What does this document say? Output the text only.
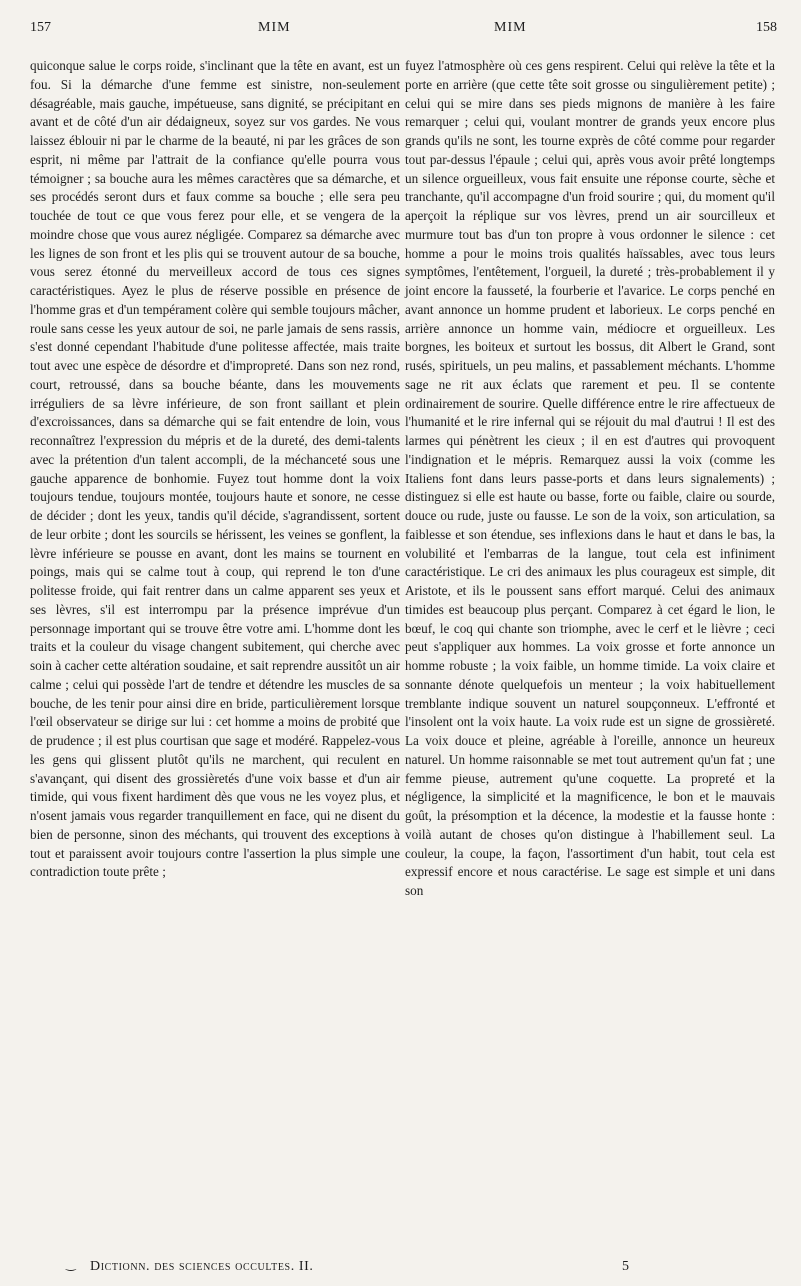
157	MIM	MIM	158

quiconque salue le corps roide, s'inclinant que la tête en avant, est un fou. Si la démarche d'une femme est sinistre, non-seulement désagréable, mais gauche, impétueuse, sans dignité, se précipitant en avant et de côté d'un air dédaigneux, soyez sur vos gardes. Ne vous laissez éblouir ni par le charme de la beauté, ni par les grâces de son esprit, ni même par l'attrait de la confiance qu'elle pourra vous témoigner ; sa bouche aura les mêmes caractères que sa démarche, et ses procédés seront durs et faux comme sa bouche ; elle sera peu touchée de tout ce que vous ferez pour elle, et se vengera de la moindre chose que vous aurez négligée. Comparez sa démarche avec les lignes de son front et les plis qui se trouvent autour de sa bouche, vous serez étonné du merveilleux accord de tous ces signes caractéristiques. Ayez le plus de réserve possible en présence de l'homme gras et d'un tempérament colère qui semble toujours mâcher, roule sans cesse les yeux autour de soi, ne parle jamais de sens rassis, s'est donné cependant l'habitude d'une politesse affectée, mais traite tout avec une espèce de désordre et d'impropreté. Dans son nez rond, court, retroussé, dans sa bouche béante, dans les mouvements irréguliers de sa lèvre inférieure, de son front saillant et plein d'excroissances, dans sa démarche qui se fait entendre de loin, vous reconnaîtrez l'expression du mépris et de la dureté, des demi-talents avec la prétention d'un talent accompli, de la méchanceté sous une gauche apparence de bonhomie. Fuyez tout homme dont la voix toujours tendue, toujours montée, toujours haute et sonore, ne cesse de décider ; dont les yeux, tandis qu'il décide, s'agrandissent, sortent de leur orbite ; dont les sourcils se hérissent, les veines se gonflent, la lèvre inférieure se pousse en avant, dont les mains se tournent en poings, mais qui se calme tout à coup, qui reprend le ton d'une politesse froide, qui fait rentrer dans un calme apparent ses yeux et ses lèvres, s'il est interrompu par la présence imprévue d'un personnage important qui se trouve être votre ami. L'homme dont les traits et la couleur du visage changent subitement, qui cherche avec soin à cacher cette altération soudaine, et sait reprendre aussitôt un air calme ; celui qui possède l'art de tendre et détendre les muscles de sa bouche, de les tenir pour ainsi dire en bride, particulièrement lorsque l'œil observateur se dirige sur lui : cet homme a moins de probité que de prudence ; il est plus courtisan que sage et modéré. Rappelez-vous les gens qui glissent plutôt qu'ils ne marchent, qui reculent en s'avançant, qui disent des grossièretés d'une voix basse et d'un air timide, qui vous fixent hardiment dès que vous ne les voyez plus, et n'osent jamais vous regarder tranquillement en face, qui ne disent du bien de personne, sinon des méchants, qui trouvent des exceptions à tout et paraissent avoir toujours contre l'assertion la plus simple une contradiction toute prête ;

fuyez l'atmosphère où ces gens respirent. Celui qui relève la tête et la porte en arrière (que cette tête soit grosse ou singulièrement petite) ; celui qui se mire dans ses pieds mignons de manière à les faire remarquer ; celui qui, voulant montrer de grands yeux encore plus grands qu'ils ne sont, les tourne exprès de côté comme pour regarder tout par-dessus l'épaule ; celui qui, après vous avoir prêté longtemps un silence orgueilleux, vous fait ensuite une réponse courte, sèche et tranchante, qu'il accompagne d'un froid sourire ; qui, du moment qu'il aperçoit la réplique sur vos lèvres, prend un air sourcilleux et murmure tout bas d'un ton propre à vous ordonner le silence : cet homme a pour le moins trois qualités haïssables, avec tous leurs symptômes, l'entêtement, l'orgueil, la dureté ; très-probablement il y joint encore la fausseté, la fourberie et l'avarice. Le corps penché en avant annonce un homme prudent et laborieux. Le corps penché en arrière annonce un homme vain, médiocre et orgueilleux. Les borgnes, les boiteux et surtout les bossus, dit Albert le Grand, sont rusés, spirituels, un peu malins, et passablement méchants. L'homme sage ne rit aux éclats que rarement et peu. Il se contente ordinairement de sourire. Quelle différence entre le rire affectueux de l'humanité et le rire infernal qui se réjouit du mal d'autrui ! Il est des larmes qui pénètrent les cieux ; il en est d'autres qui provoquent l'indignation et le mépris. Remarquez aussi la voix (comme les Italiens font dans leurs passe-ports et dans leurs signalements) ; distinguez si elle est haute ou basse, forte ou faible, claire ou sourde, douce ou rude, juste ou fausse. Le son de la voix, son articulation, sa faiblesse et son étendue, ses inflexions dans le haut et dans le bas, la volubilité et l'embarras de la langue, tout cela est infiniment caractéristique. Le cri des animaux les plus courageux est simple, dit Aristote, et ils le poussent sans effort marqué. Celui des animaux timides est beaucoup plus perçant. Comparez à cet égard le lion, le bœuf, le coq qui chante son triomphe, avec le cerf et le lièvre ; ceci peut s'appliquer aux hommes. La voix grosse et forte annonce un homme robuste ; la voix faible, un homme timide. La voix claire et sonnante dénote quelquefois un menteur ; la voix habituellement tremblante indique souvent un naturel soupçonneux. L'effronté et l'insolent ont la voix haute. La voix rude est un signe de grossièreté. La voix douce et pleine, agréable à l'oreille, annonce un heureux naturel. Un homme raisonnable se met tout autrement qu'un fat ; une femme pieuse, autrement qu'une coquette. La propreté et la négligence, la simplicité et la magnificence, le bon et le mauvais goût, la présomption et la décence, la modestie et la fausse honte : voilà autant de choses qu'on distingue à l'habillement seul. La couleur, la coupe, la façon, l'assortiment d'un habit, tout cela est expressif encore et nous caractérise. Le sage est simple et uni dans son

‿ Dictionn. des sciences occultes. II.	5
